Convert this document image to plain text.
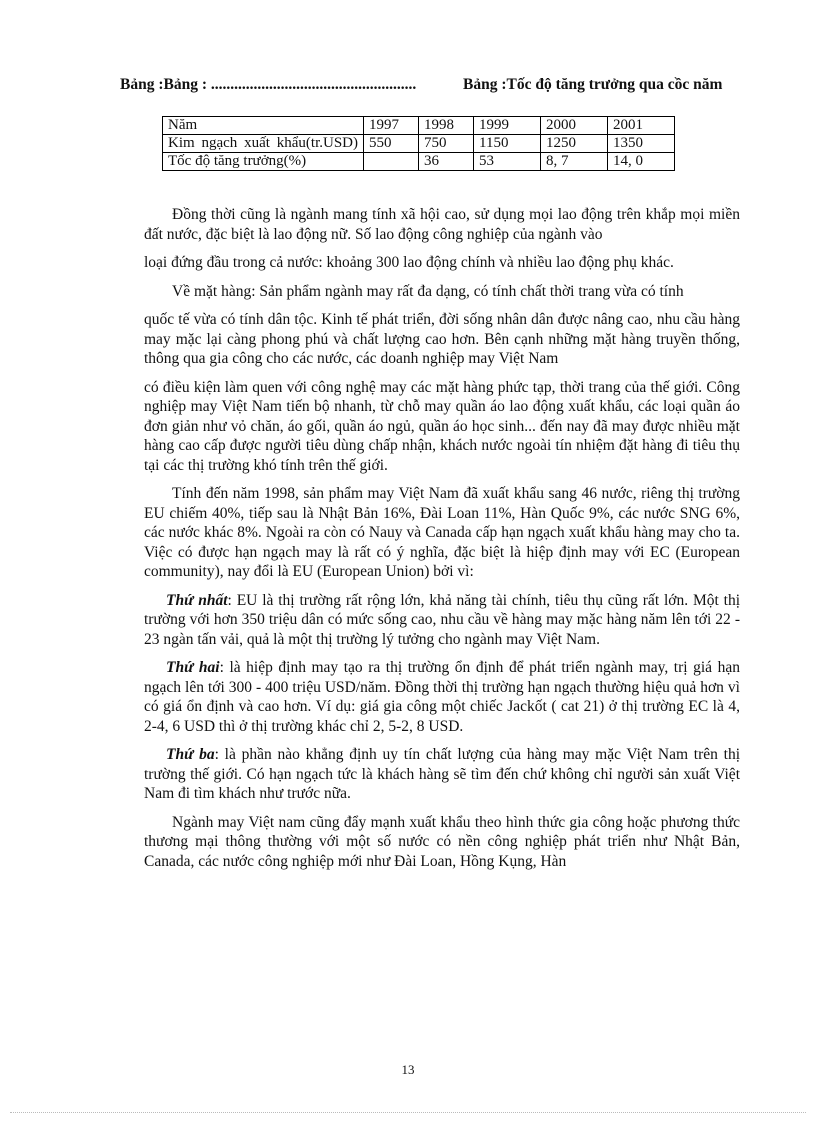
Bảng :Bảng : .....................................................	Bảng :Tốc độ tăng trưởng qua cồc năm
Năm	1997	1998	1999	2000	2001
Kim ngạch xuất khẩu(tr.USD)	550	750	1150	1250	1350
Tốc độ tăng trưởng(%)		36	53	8, 7	14, 0

Đồng thời cũng là ngành mang tính xã hội cao, sử dụng mọi lao động trên khắp mọi miền đất nước, đặc biệt là lao động nữ. Số lao động công nghiệp của ngành vào

loại đứng đầu trong cả nước: khoảng 300 lao động chính và nhiều lao động phụ khác.

Về mặt hàng: Sản phẩm ngành may rất đa dạng, có tính chất thời trang vừa có tính

quốc tế vừa có tính dân tộc. Kinh tế phát triển, đời sống nhân dân được nâng cao, nhu cầu hàng may mặc lại càng phong phú và chất lượng cao hơn. Bên cạnh những mặt hàng truyền thống, thông qua gia công cho các nước, các doanh nghiệp may Việt Nam

có điều kiện làm quen với công nghệ may các mặt hàng phức tạp, thời trang của thế giới. Công nghiệp may Việt Nam tiến bộ nhanh, từ chỗ may quần áo lao động xuất khẩu, các loại quần áo đơn giản như vỏ chăn, áo gối, quần áo ngủ, quần áo học sinh... đến nay đã may được nhiều mặt hàng cao cấp được người tiêu dùng chấp nhận, khách nước ngoài tín nhiệm đặt hàng đi tiêu thụ tại các thị trường khó tính trên thế giới.

Tính đến năm 1998, sản phẩm may Việt Nam đã xuất khẩu sang 46 nước, riêng thị trường EU chiếm 40%, tiếp sau là Nhật Bản 16%, Đài Loan 11%, Hàn Quốc 9%, các nước SNG 6%, các nước khác 8%. Ngoài ra còn có Nauy và Canada cấp hạn ngạch xuất khẩu hàng may cho ta. Việc có được hạn ngạch may là rất có ý nghĩa, đặc biệt là hiệp định may với EC (European community), nay đổi là EU (European Union) bởi vì:

Thứ nhất: EU là thị trường rất rộng lớn, khả năng tài chính, tiêu thụ cũng rất lớn. Một thị trường với hơn 350 triệu dân có mức sống cao, nhu cầu về hàng may mặc hàng năm lên tới 22 - 23 ngàn tấn vải, quả là một thị trường lý tưởng cho ngành may Việt Nam.

Thứ hai: là hiệp định may tạo ra thị trường ổn định để phát triển ngành may, trị giá hạn ngạch lên tới 300 - 400 triệu USD/năm. Đồng thời thị trường hạn ngạch thường hiệu quả hơn vì có giá ổn định và cao hơn. Ví dụ: giá gia công một chiếc Jackốt ( cat 21) ở thị trường EC là 4, 2-4, 6 USD thì ở thị trường khác chỉ 2, 5-2, 8 USD.

Thứ ba: là phần nào khẳng định uy tín chất lượng của hàng may mặc Việt Nam trên thị trường thế giới. Có hạn ngạch tức là khách hàng sẽ tìm đến chứ không chỉ người sản xuất Việt Nam đi tìm khách như trước nữa.

Ngành may Việt nam cũng đẩy mạnh xuất khẩu theo hình thức gia công hoặc phương thức thương mại thông thường với một số nước có nền công nghiệp phát triển như Nhật Bản, Canada, các nước công nghiệp mới như Đài Loan, Hồng Kụng, Hàn

13
